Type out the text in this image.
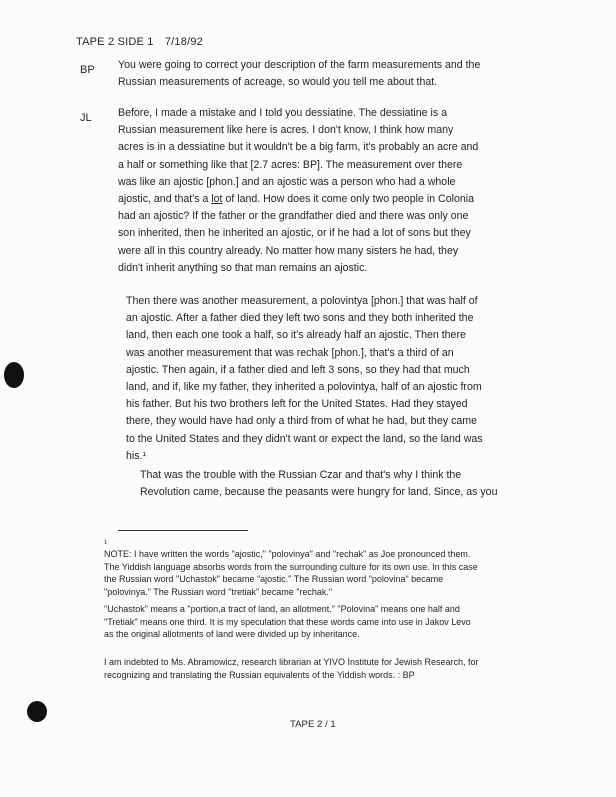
TAPE 2 SIDE 1 7/18/92
BP You were going to correct your description of the farm measurements and the
Russian measurements of acreage, so would you tell me about that.

JL Before, I made a mistake and I told you dessiatine. The dessiatine is a
Russian measurement like here is acres. I don't know, I think how many
acres is in a dessiatine but it wouldn't be a big farm, it's probably an acre and
a half or something like that [2.7 acres: BP]. The measurement over there
was like an ajostic [phon.] and an ajostic was a person who had a whole
ajostic, and that's a lot of land. How does it come only two people in Colonia
had an ajostic? If the father or the grandfather died and there was only one
son inherited, then he inherited an ajostic, or if he had a lot of sons but they
were all in this country already. No matter how many sisters he had, they
didn't inherit anything so that man remains an ajostic.

Then there was another measurement, a polovintya [phon.] that was half of
an ajostic. After a father died they left two sons and they both inherited the
land, then each one took a half, so it's already half an ajostic. Then there
was another measurement that was rechak [phon.], that's a third of an
ajostic. Then again, if a father died and left 3 sons, so they had that much
land, and if, like my father, they inherited a polovintya, half of an ajostic from
his father. But his two brothers left for the United States. Had they stayed
there, they would have had only a third from of what he had, but they came
to the United States and they didn't want or expect the land, so the land was
his.¹

That was the trouble with the Russian Czar and that's why I think the
Revolution came, because the peasants were hungry for land. Since, as you

¹

NOTE: I have written the words "ajostic," "polovinya" and "rechak" as Joe pronounced them.
The Yiddish language absorbs words from the surrounding culture for its own use. In this case
the Russian word "Uchastok" became "ajostic." The Russian word "polovina" became
"polovinya." The Russian word "tretiak" became "rechak."

"Uchastok" means a "portion,a tract of land, an allotment." "Polovina" means one half and
"Tretiak" means one third. It is my speculation that these words came into use in Jakov Levo
as the original allotments of land were divided up by inheritance.

I am indebted to Ms. Abramowicz, research librarian at YIVO Institute for Jewish Research, for
recognizing and translating the Russian equivalents of the Yiddish words. : BP

TAPE 2 / 1
